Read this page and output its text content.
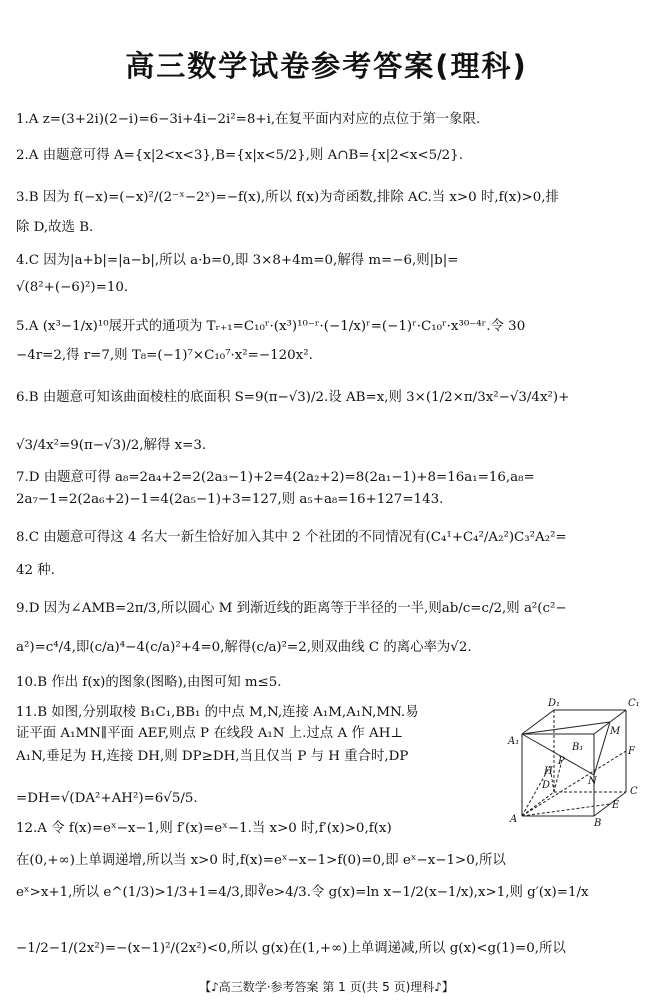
高三数学试卷参考答案(理科)
1.A z=(3+2i)(2−i)=6−3i+4i−2i²=8+i,在复平面内对应的点位于第一象限.
2.A 由题意可得 A={x|2<x<3},B={x|x<5/2},则 A∩B={x|2<x<5/2}.
3.B 因为 f(−x)=(−x)²/(2⁻ˣ−2ˣ)=−f(x),所以 f(x)为奇函数,排除 AC.当 x>0 时,f(x)>0,排
除 D,故选 B.
4.C 因为|a+b|=|a−b|,所以 a·b=0,即 3×8+4m=0,解得 m=−6,则|b|=
√(8²+(−6)²)=10.
5.A (x³−1/x)¹⁰展开式的通项为 Tᵣ₊₁=C₁₀ʳ·(x³)¹⁰⁻ʳ·(−1/x)ʳ=(−1)ʳ·C₁₀ʳ·x³⁰⁻⁴ʳ.令 30
−4r=2,得 r=7,则 T₈=(−1)⁷×C₁₀⁷·x²=−120x².
6.B 由题意可知该曲面棱柱的底面积 S=9(π−√3)/2.设 AB=x,则 3×(1/2×π/3x²−√3/4x²)+
√3/4x²=9(π−√3)/2,解得 x=3.
7.D 由题意可得 a₈=2a₄+2=2(2a₃−1)+2=4(2a₂+2)=8(2a₁−1)+8=16a₁=16,a₈=
2a₇−1=2(2a₆+2)−1=4(2a₅−1)+3=127,则 a₅+a₈=16+127=143.
8.C 由题意可得这 4 名大一新生恰好加入其中 2 个社团的不同情况有(C₄¹+C₄²/A₂²)C₃²A₂²=
42 种.
9.D 因为∠AMB=2π/3,所以圆心 M 到渐近线的距离等于半径的一半,则ab/c=c/2,则 a²(c²−
a²)=c⁴/4,即(c/a)⁴−4(c/a)²+4=0,解得(c/a)²=2,则双曲线 C 的离心率为√2.
10.B 作出 f(x)的图象(图略),由图可知 m≤5.
11.B 如图,分别取棱 B₁C₁,BB₁ 的中点 M,N,连接 A₁M,A₁N,MN.易
证平面 A₁MN∥平面 AEF,则点 P 在线段 A₁N 上.过点 A 作 AH⊥
A₁N,垂足为 H,连接 DH,则 DP≥DH,当且仅当 P 与 H 重合时,DP
=DH=√(DA²+AH²)=6√5/5.
12.A 令 f(x)=eˣ−x−1,则 f′(x)=eˣ−1.当 x>0 时,f′(x)>0,f(x)
在(0,+∞)上单调递增,所以当 x>0 时,f(x)=eˣ−x−1>f(0)=0,即 eˣ−x−1>0,所以
eˣ>x+1,所以 e^(1/3)>1/3+1=4/3,即∛e>4/3.令 g(x)=ln x−1/2(x−1/x),x>1,则 g′(x)=1/x
−1/2−1/(2x²)=−(x−1)²/(2x²)<0,所以 g(x)在(1,+∞)上单调递减,所以 g(x)<g(1)=0,所以
D₁	C₁
A₁
B₁
M
F
D	N
C
A	B
E
P
H
【♪高三数学·参考答案 第 1 页(共 5 页)理科♪】
